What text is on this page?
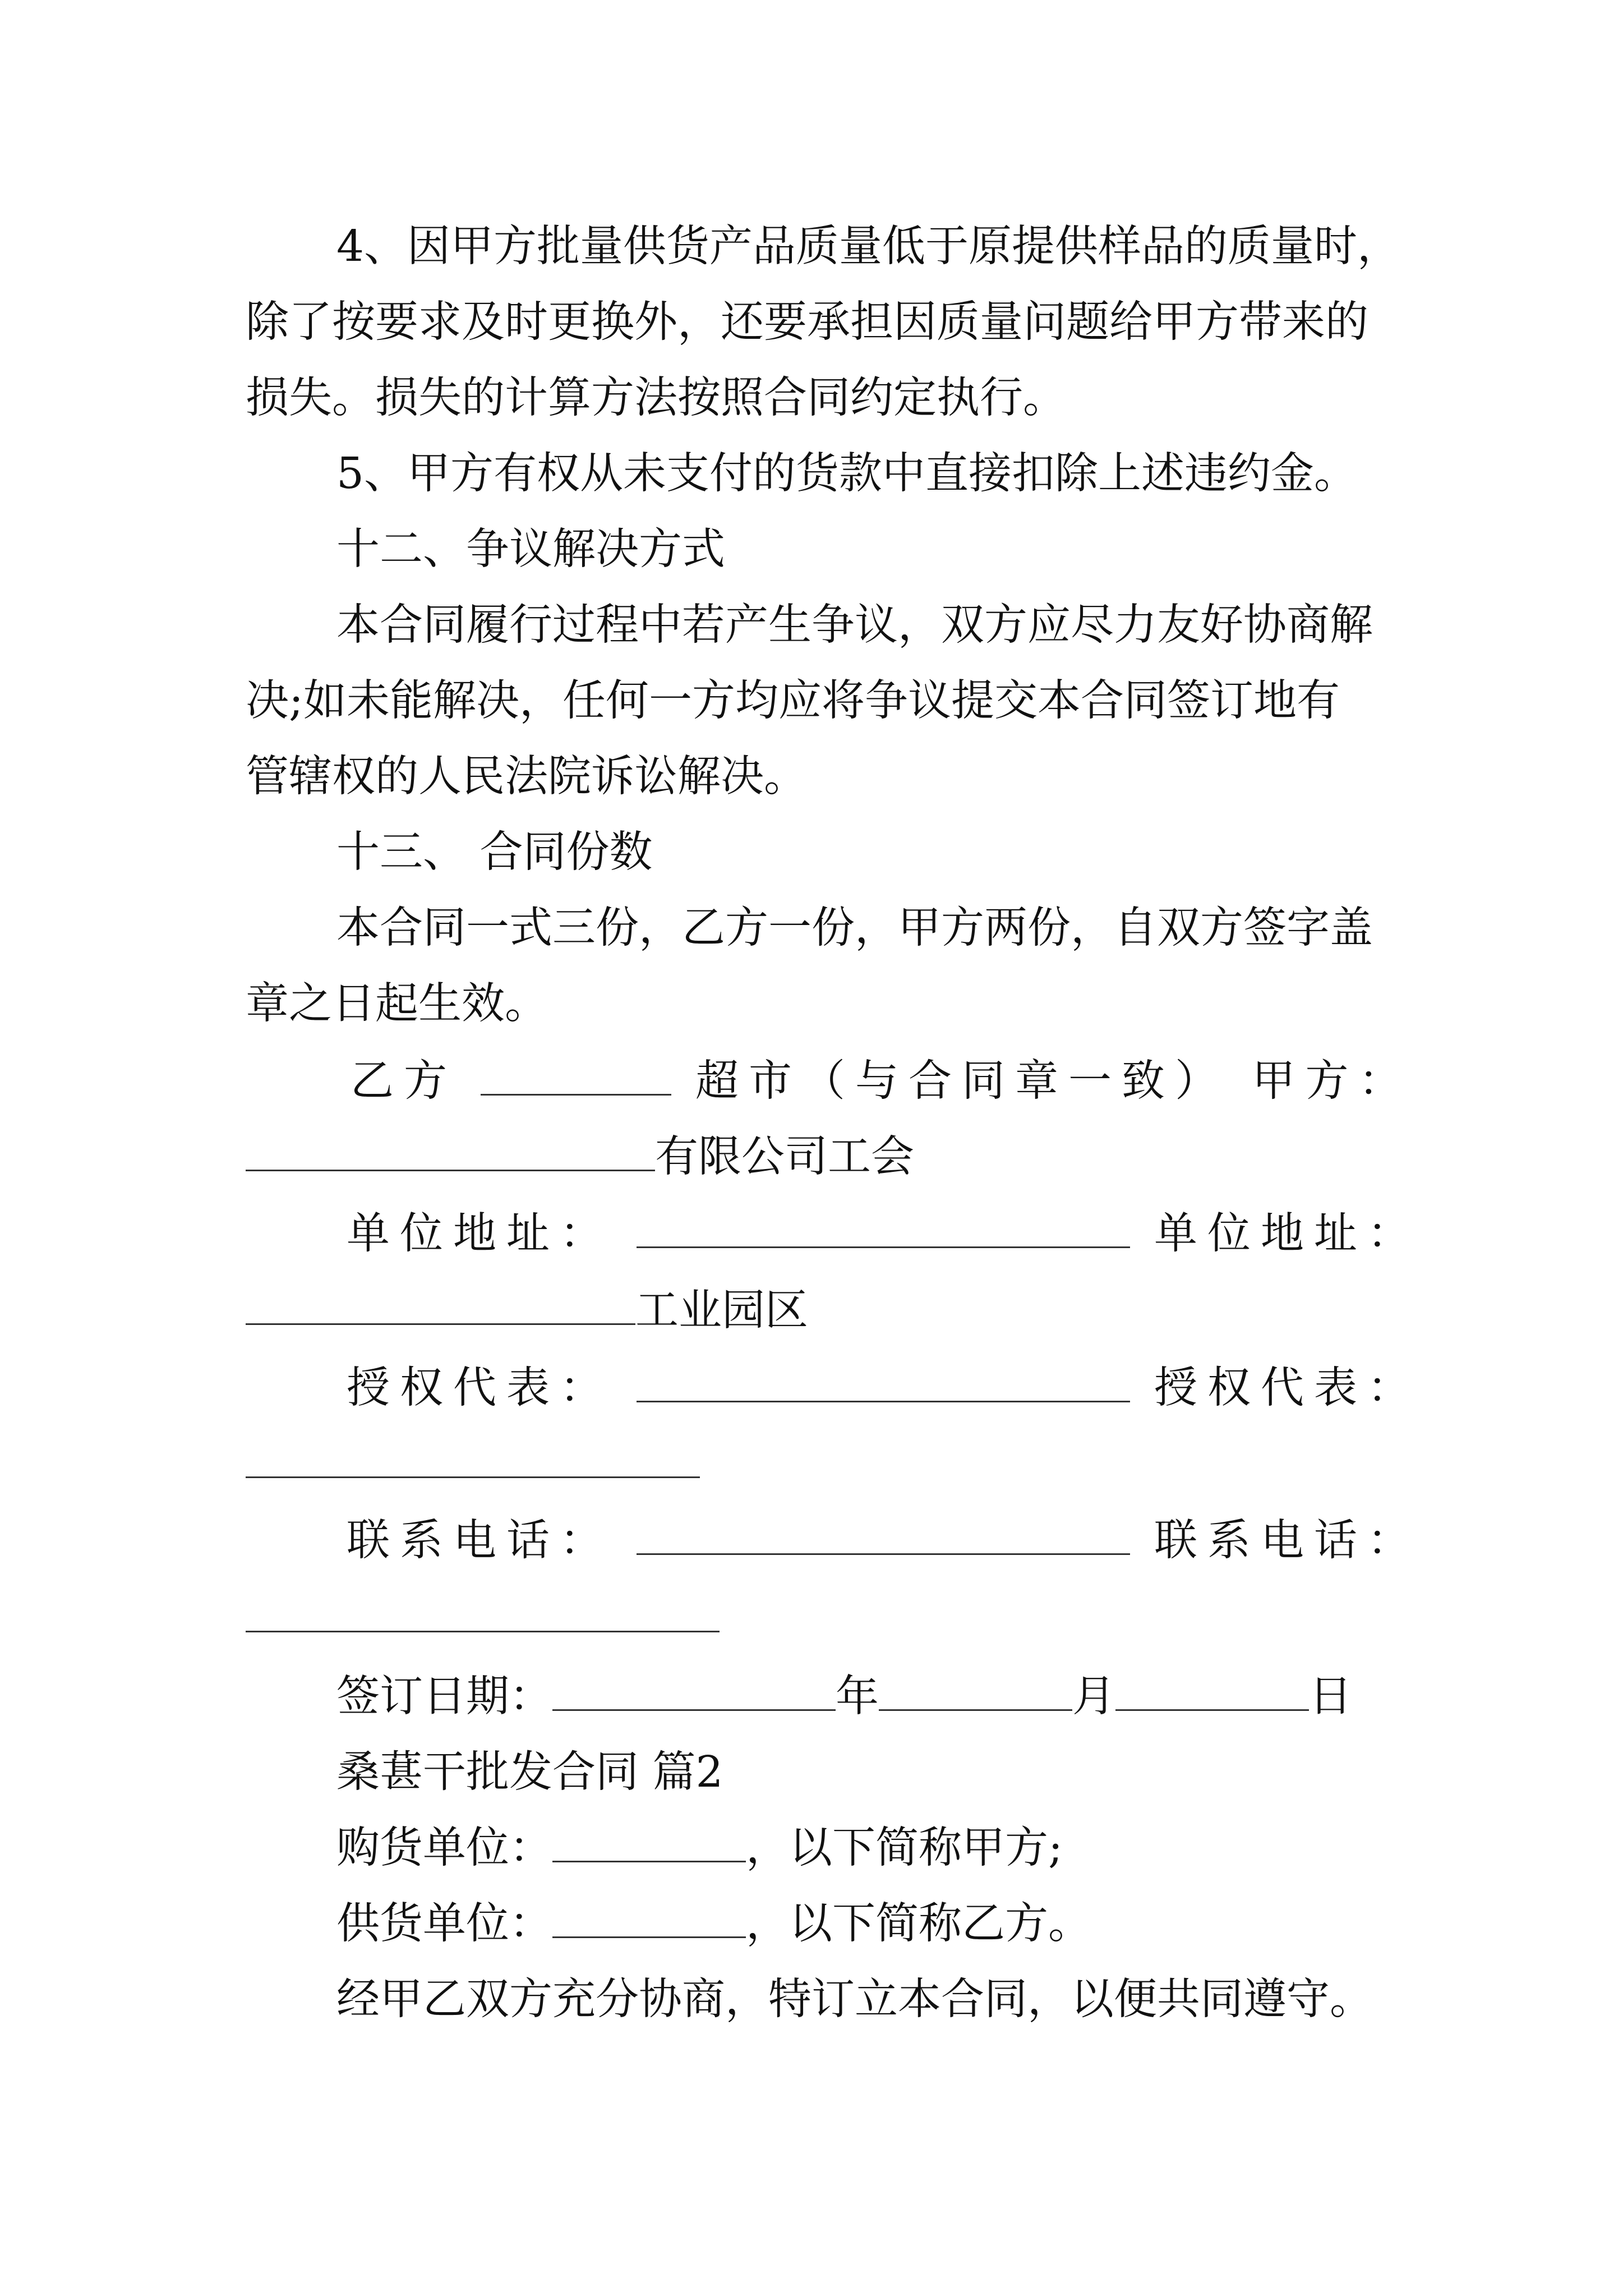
4、因甲方批量供货产品质量低于原提供样品的质量时，
除了按要求及时更换外，还要承担因质量问题给甲方带来的
损失。损失的计算方法按照合同约定执行。
5、甲方有权从未支付的货款中直接扣除上述违约金。
十二、争议解决方式
本合同履行过程中若产生争议，双方应尽力友好协商解
决;如未能解决，任何一方均应将争议提交本合同签订地有
管辖权的人民法院诉讼解决。
十三、 合同份数
本合同一式三份，乙方一份，甲方两份，自双方签字盖
章之日起生效。
乙方	超市（与合同章一致） 甲方：
有限公司工会
单位地址：	单位地址：
工业园区
授权代表：	授权代表：
联系电话：	联系电话：
签订日期：	年	月	日
桑葚干批发合同 篇2
购货单位：	，以下简称甲方;
供货单位：	，以下简称乙方。
经甲乙双方充分协商，特订立本合同，以便共同遵守。
